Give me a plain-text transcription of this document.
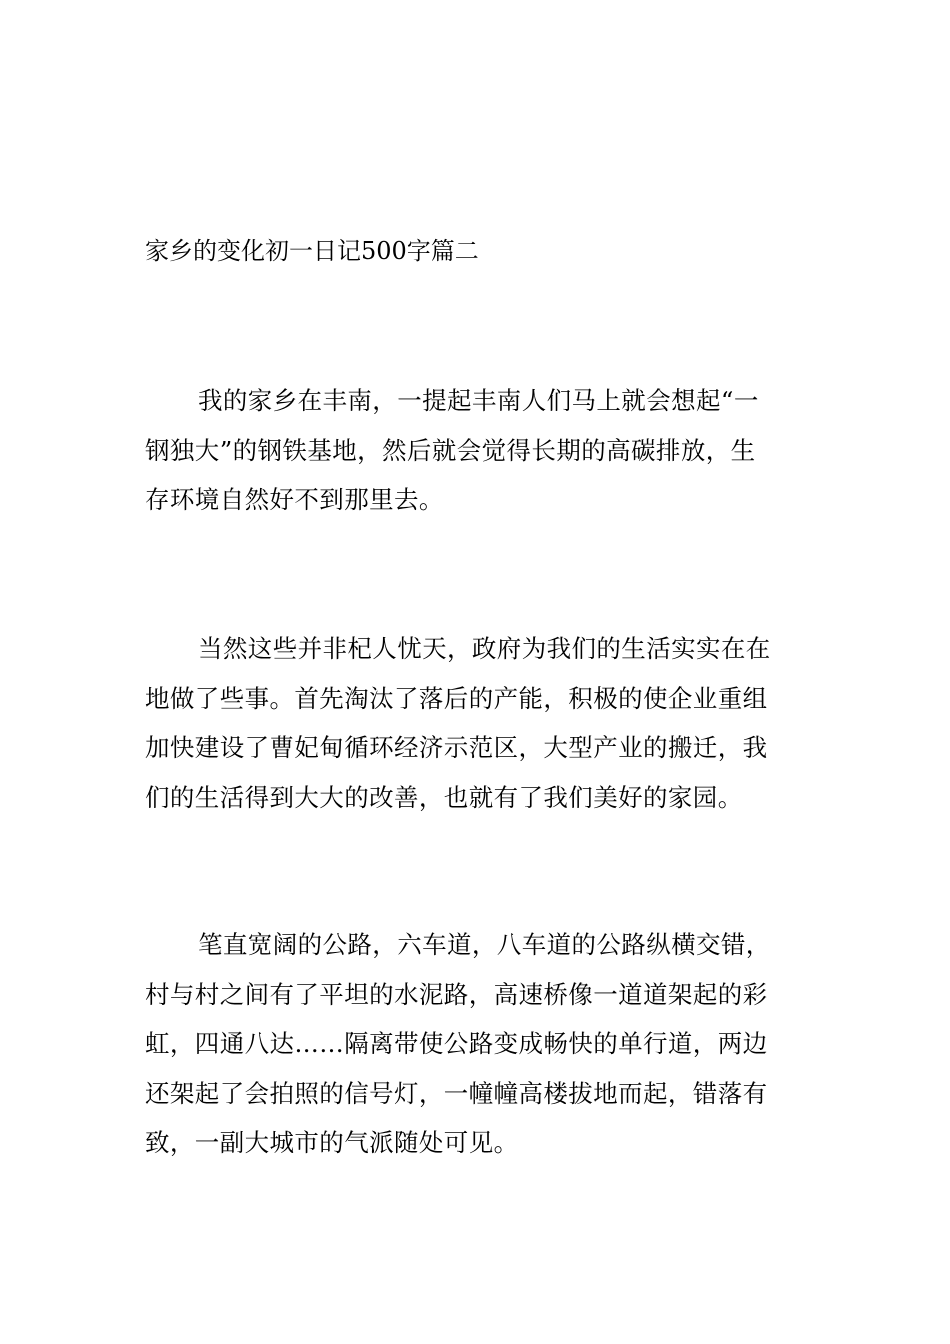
家乡的变化初一日记500字篇二
我的家乡在丰南，一提起丰南人们马上就会想起“一
钢独大”的钢铁基地，然后就会觉得长期的高碳排放，生
存环境自然好不到那里去。
当然这些并非杞人忧天，政府为我们的生活实实在在
地做了些事。首先淘汰了落后的产能，积极的使企业重组
加快建设了曹妃甸循环经济示范区，大型产业的搬迁，我
们的生活得到大大的改善，也就有了我们美好的家园。
笔直宽阔的公路，六车道，八车道的公路纵横交错，
村与村之间有了平坦的水泥路，高速桥像一道道架起的彩
虹，四通八达……隔离带使公路变成畅快的单行道，两边
还架起了会拍照的信号灯，一幢幢高楼拔地而起，错落有
致，一副大城市的气派随处可见。
